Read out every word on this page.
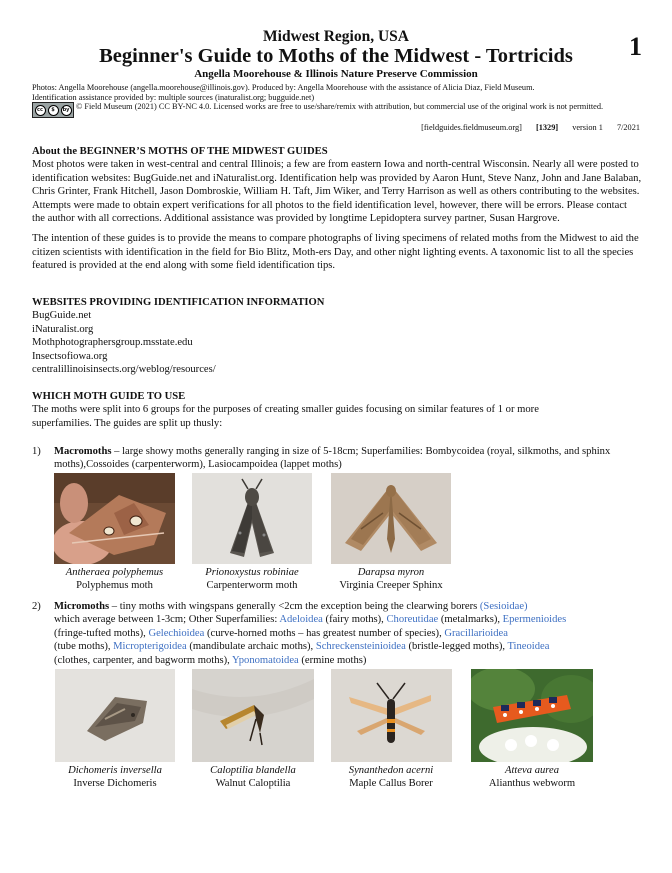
Midwest Region, USA
Beginner's Guide to Moths of the Midwest - Tortricids
Angella Moorehouse & Illinois Nature Preserve Commission
1
Photos: Angella Moorehouse (angella.moorehouse@illinois.gov). Produced by: Angella Moorehouse with the assistance of Alicia Diaz, Field Museum.
Identification assistance provided by: multiple sources (inaturalist.org; bugguide.net)
cc	$	by © Field Museum (2021) CC BY-NC 4.0. Licensed works are free to use/share/remix with attribution, but commercial use of the original work is not permitted.
[fieldguides.fieldmuseum.org] [1329] version 1 7/2021
About the BEGINNER’S MOTHS OF THE MIDWEST GUIDES

Most photos were taken in west-central and central Illinois; a few are from eastern Iowa and north-central Wisconsin. Nearly all were posted to identification websites: BugGuide.net and iNaturalist.org. Identification help was provided by Aaron Hunt, Steve Nanz, John and Jane Balaban, Chris Grinter, Frank Hitchell, Jason Dombroskie, William H. Taft, Jim Wiker, and Terry Harrison as well as others contributing to the websites. Attempts were made to obtain expert verifications for all photos to the field identification level, however, there will be errors. Please contact the author with all corrections. Additional assistance was provided by longtime Lepidoptera survey partner, Susan Hargrove.

The intention of these guides is to provide the means to compare photographs of living specimens of related moths from the Midwest to aid the citizen scientists with identification in the field for Bio Blitz, Moth-ers Day, and other night lighting events. A taxonomic list to all the species featured is provided at the end along with some field identification tips.

WEBSITES PROVIDING IDENTIFICATION INFORMATION
BugGuide.net
iNaturalist.org
Mothphotographersgroup.msstate.edu
Insectsofiowa.org
centralillinoisinsects.org/weblog/resources/
WHICH MOTH GUIDE TO USE

The moths were split into 6 groups for the purposes of creating smaller guides focusing on similar features of 1 or more superfamilies. The guides are split up thusly:

1)	Macromoths – large showy moths generally ranging in size of 5-18cm; Superfamilies: Bombycoidea (royal, silkmoths, and sphinx moths),Cossoides (carpenterworm), Lasiocampoidea (lappet moths)
Antheraea polyphemus
Polyphemus moth
Prionoxystus robiniae
Carpenterworm moth
Darapsa myron
Virginia Creeper Sphinx
2)	Micromoths – tiny moths with wingspans generally <2cm the exception being the clearwing borers (Sesioidae)
which average between 1-3cm; Other Superfamilies: Adeloidea (fairy moths), Choreutidae (metalmarks), Epermenioides
(fringe-tufted moths), Gelechioidea (curve-horned moths – has greatest number of species), Gracillarioidea
(tube moths), Micropterigoidea (mandibulate archaic moths), Schreckensteinioidea (bristle-legged moths), Tineoidea
(clothes, carpenter, and bagworm moths), Yponomatoidea (ermine moths)
Dichomeris inversella
Inverse Dichomeris
Caloptilia blandella
Walnut Caloptilia
Synanthedon acerni
Maple Callus Borer
Atteva aurea
Alianthus webworm
